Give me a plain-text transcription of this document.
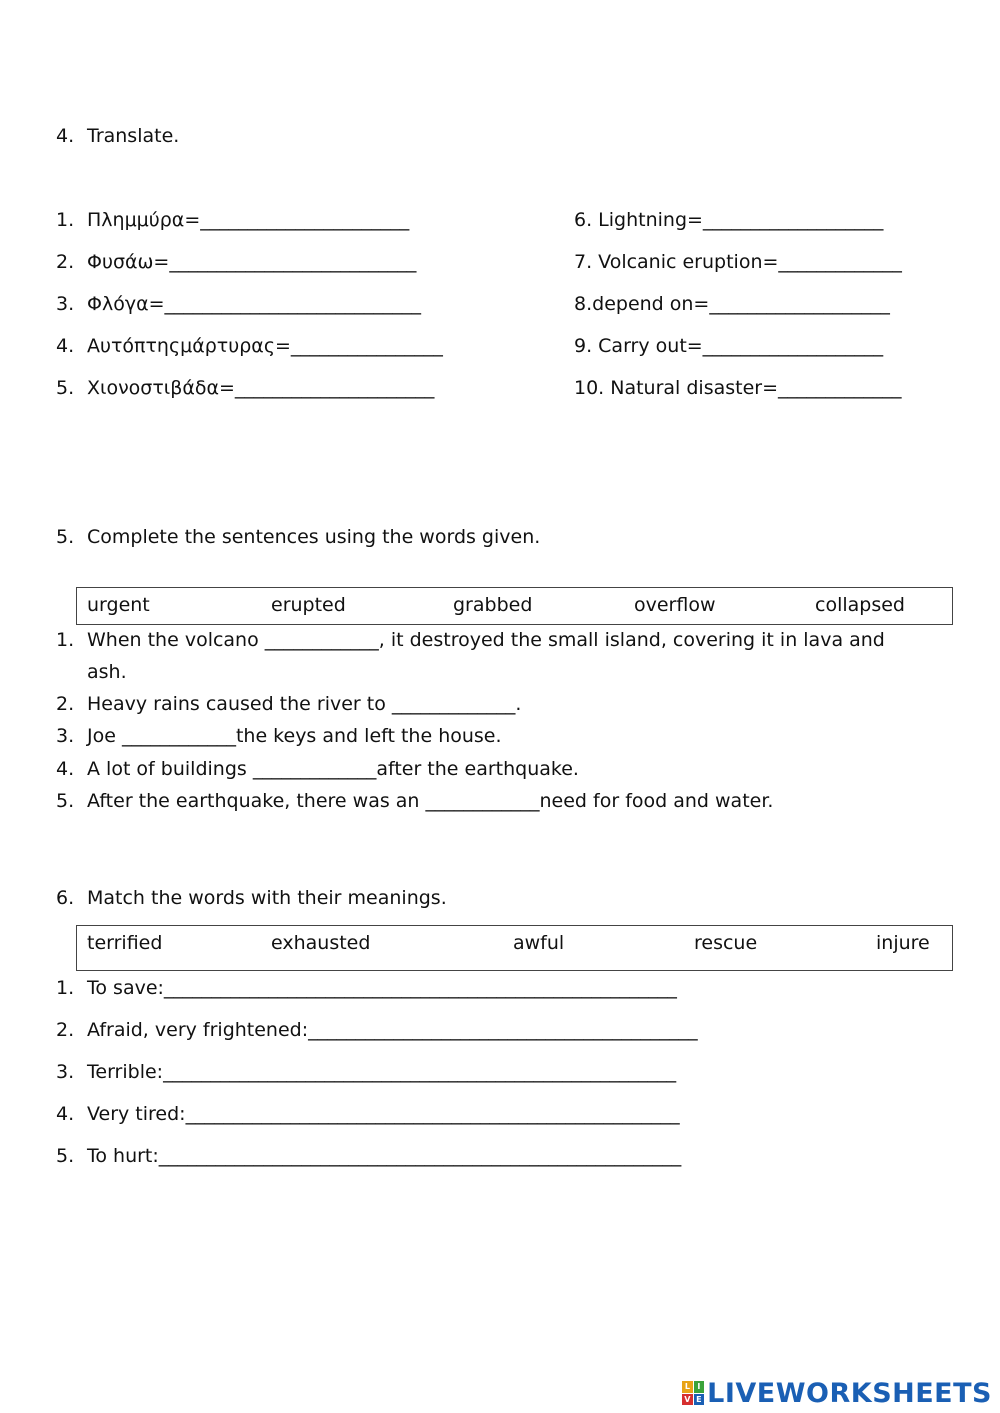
4. Translate.
1. Πλημμύρα=______________________
2. Φυσάω=__________________________
3. Φλόγα=___________________________
4. Αυτόπτηςμάρτυρας=________________
5. Χιονοστιβάδα=_____________________
6. Lightning=___________________
7. Volcanic eruption=_____________
8.depend on=___________________
9. Carry out=___________________
10. Natural disaster=_____________
5. Complete the sentences using the words given.
urgent	erupted	grabbed	overflow	collapsed
1. When the volcano ____________, it destroyed the small island, covering it in lava and
ash.
2. Heavy rains caused the river to _____________.
3. Joe ____________the keys and left the house.
4. A lot of buildings _____________after the earthquake.
5. After the earthquake, there was an ____________need for food and water.
6. Match the words with their meanings.
terrified	exhausted	awful	rescue	injure
1. To save:______________________________________________________
2. Afraid, very frightened:_________________________________________
3. Terrible:______________________________________________________
4. Very tired:____________________________________________________
5. To hurt:_______________________________________________________
L I
V E LIVEWORKSHEETS
